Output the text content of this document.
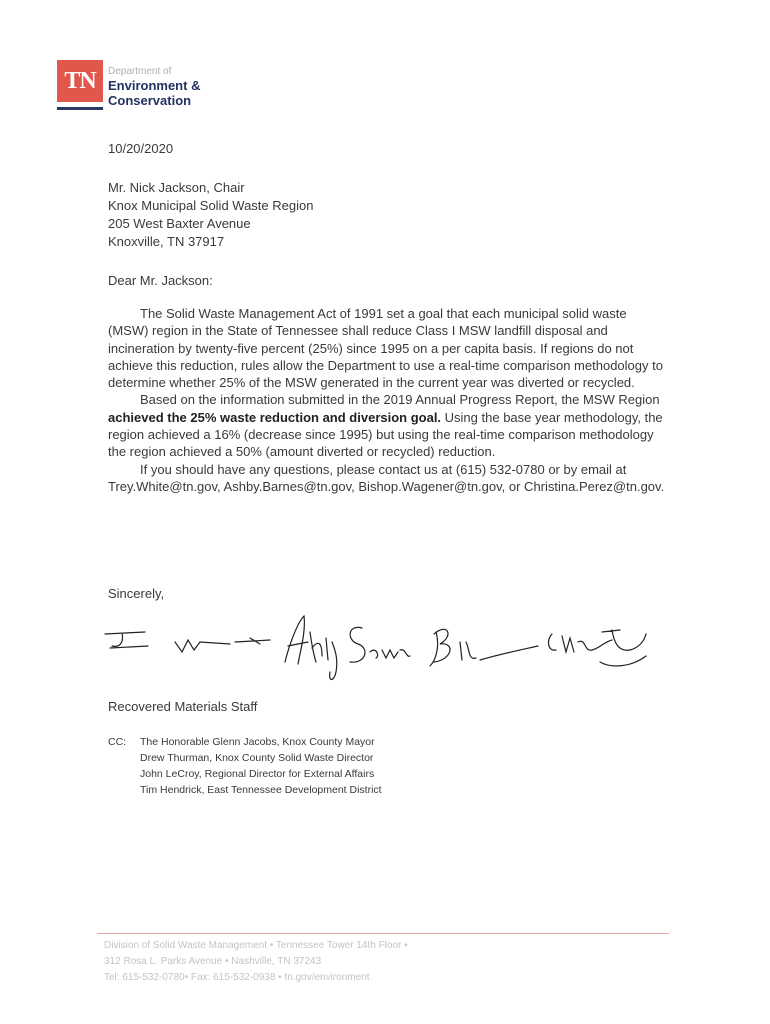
TN	Department of
Environment &
Conservation
10/20/2020
Mr. Nick Jackson, Chair
Knox Municipal Solid Waste Region
205 West Baxter Avenue
Knoxville, TN 37917
Dear Mr. Jackson:

The Solid Waste Management Act of 1991 set a goal that each municipal solid waste (MSW) region in the State of Tennessee shall reduce Class I MSW landfill disposal and incineration by twenty-five percent (25%) since 1995 on a per capita basis. If regions do not achieve this reduction, rules allow the Department to use a real-time comparison methodology to determine whether 25% of the MSW generated in the current year was diverted or recycled.

Based on the information submitted in the 2019 Annual Progress Report, the MSW Region achieved the 25% waste reduction and diversion goal. Using the base year methodology, the region achieved a 16% (decrease since 1995) but using the real-time comparison methodology the region achieved a 50% (amount diverted or recycled) reduction.

If you should have any questions, please contact us at (615) 532-0780 or by email at Trey.White@tn.gov, Ashby.Barnes@tn.gov, Bishop.Wagener@tn.gov, or Christina.Perez@tn.gov.

Sincerely,
Recovered Materials Staff
CC:	The Honorable Glenn Jacobs, Knox County Mayor
Drew Thurman, Knox County Solid Waste Director
John LeCroy, Regional Director for External Affairs
Tim Hendrick, East Tennessee Development District
Division of Solid Waste Management • Tennessee Tower 14th Floor •
312 Rosa L. Parks Avenue • Nashville, TN 37243
Tel: 615-532-0780• Fax: 615-532-0938 • tn.gov/environment
